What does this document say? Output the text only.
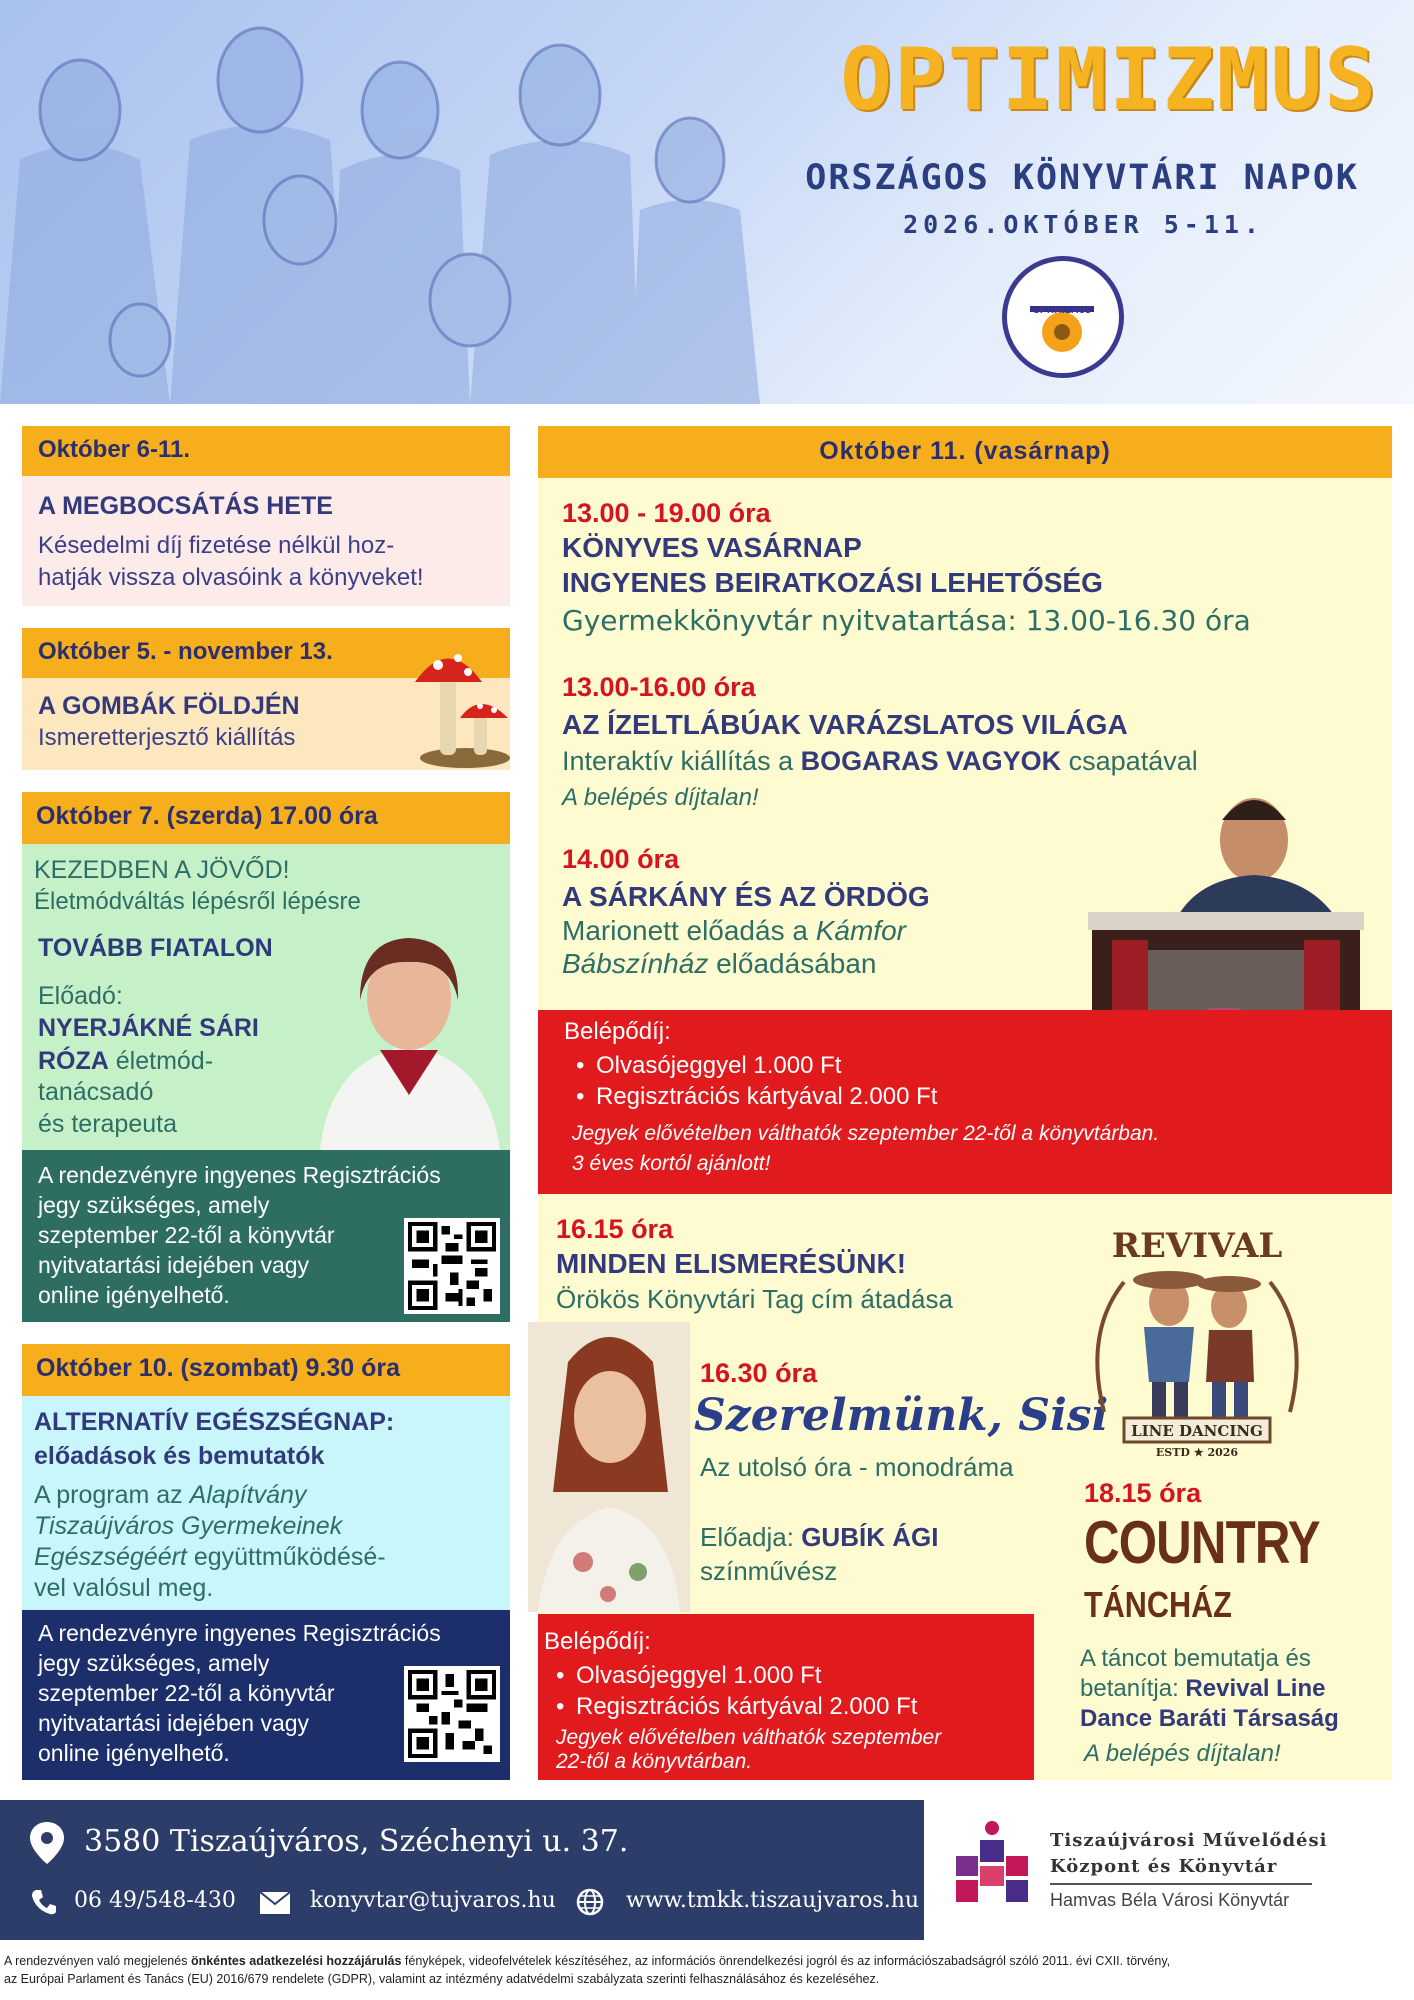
OPTIMIZMUS
ORSZÁGOS KÖNYVTÁRI NAPOK
2026.OKTÓBER 5-11.
OPTIMIZMUS
Október 6-11.
A MEGBOCSÁTÁS HETE
Késedelmi díj fizetése nélkül hoz-
hatják vissza olvasóink a könyveket!
Október 5. - november 13.
A GOMBÁK FÖLDJÉN
Ismeretterjesztő kiállítás
Október 7. (szerda) 17.00 óra
KEZEDBEN A JÖVŐD!
Életmódváltás lépésről lépésre
TOVÁBB FIATALON
Előadó:
NYERJÁKNÉ SÁRI
RÓZA életmód-
tanácsadó
és terapeuta
A rendezvényre ingyenes Regisztrációs
jegy szükséges, amely
szeptember 22-től a könyvtár
nyitvatartási idejében vagy
online igényelhető.
Október 10. (szombat) 9.30 óra
ALTERNATÍV EGÉSZSÉGNAP:
előadások és bemutatók
A program az Alapítvány
Tiszaújváros Gyermekeinek
Egészségéért együttműködésé-
vel valósul meg.
A rendezvényre ingyenes Regisztrációs
jegy szükséges, amely
szeptember 22-től a könyvtár
nyitvatartási idejében vagy
online igényelhető.
Október 11. (vasárnap)
13.00 - 19.00 óra
KÖNYVES VASÁRNAP
INGYENES BEIRATKOZÁSI LEHETŐSÉG
Gyermekkönyvtár nyitvatartása: 13.00-16.30 óra
13.00-16.00 óra
AZ ÍZELTLÁBÚAK VARÁZSLATOS VILÁGA
Interaktív kiállítás a BOGARAS VAGYOK csapatával
A belépés díjtalan!
14.00 óra
A SÁRKÁNY ÉS AZ ÖRDÖG
Marionett előadás a Kámfor
Bábszínház előadásában
Belépődíj:
• Olvasójeggyel 1.000 Ft
• Regisztrációs kártyával 2.000 Ft
Jegyek elővételben válthatók szeptember 22-től a könyvtárban.
3 éves kortól ajánlott!
16.15 óra
MINDEN ELISMERÉSÜNK!
Örökös Könyvtári Tag cím átadása
16.30 óra
Szerelmünk, Sisi
Az utolsó óra - monodráma
Előadja: GUBÍK ÁGI
színművész
Belépődíj:
• Olvasójeggyel 1.000 Ft
• Regisztrációs kártyával 2.000 Ft
Jegyek elővételben válthatók szeptember
22-től a könyvtárban.
REVIVAL
LINE DANCING
ESTD ★ 2026
18.15 óra
COUNTRY
TÁNCHÁZ
A táncot bemutatja és
betanítja: Revival Line
Dance Baráti Társaság
A belépés díjtalan!
3580 Tiszaújváros, Széchenyi u. 37.
06 49/548-430	konyvtar@tujvaros.hu	www.tmkk.tiszaujvaros.hu
Tiszaújvárosi Művelődési
Központ és Könyvtár
Hamvas Béla Városi Könyvtár
A rendezvényen való megjelenés önkéntes adatkezelési hozzájárulás fényképek, videofelvételek készítéséhez, az információs önrendelkezési jogról és az információszabadságról szóló 2011. évi CXII. törvény,
az Európai Parlament és Tanács (EU) 2016/679 rendelete (GDPR), valamint az intézmény adatvédelmi szabályzata szerinti felhasználásához és kezeléséhez.
